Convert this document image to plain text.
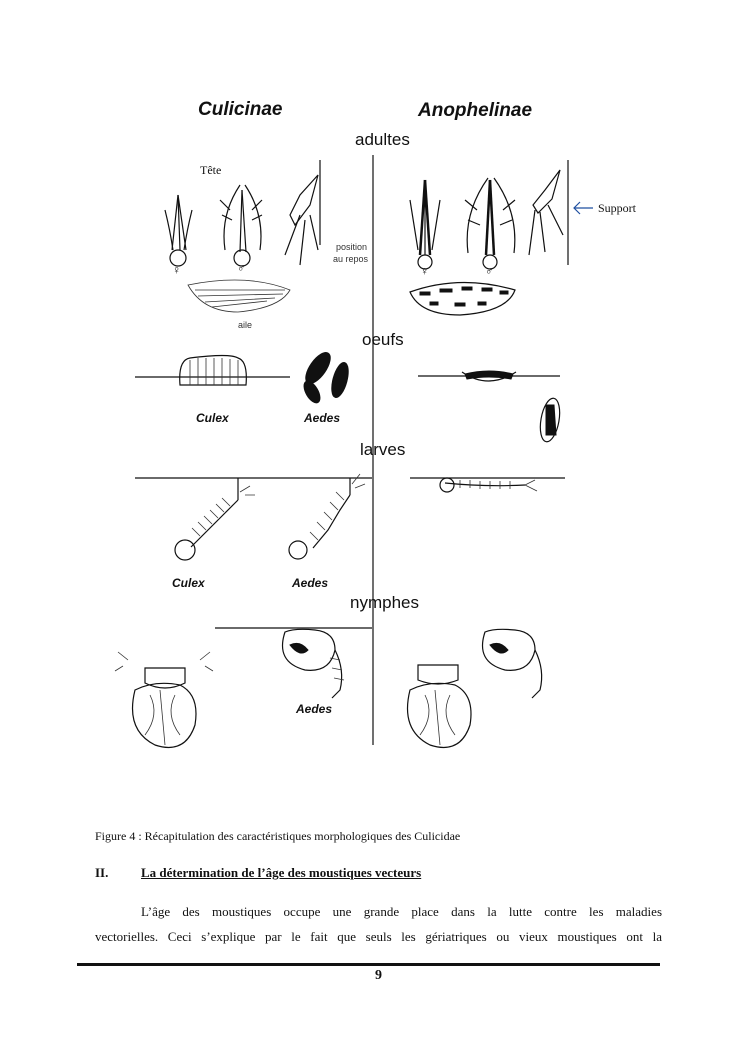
Culicinae	Anophelinae
adultes
oeufs
larves
nymphes
Tête
Support
position
au repos
aile
♀	♂	♀	♂
Culex	Aedes
Culex	Aedes
Aedes
Figure 4 : Récapitulation des caractéristiques morphologiques des Culicidae
II.	La détermination de l’âge des moustiques vecteurs
L’âge des moustiques occupe une grande place dans la lutte contre les maladies
vectorielles. Ceci s’explique par le fait que seuls les gériatriques ou vieux moustiques ont la
9
